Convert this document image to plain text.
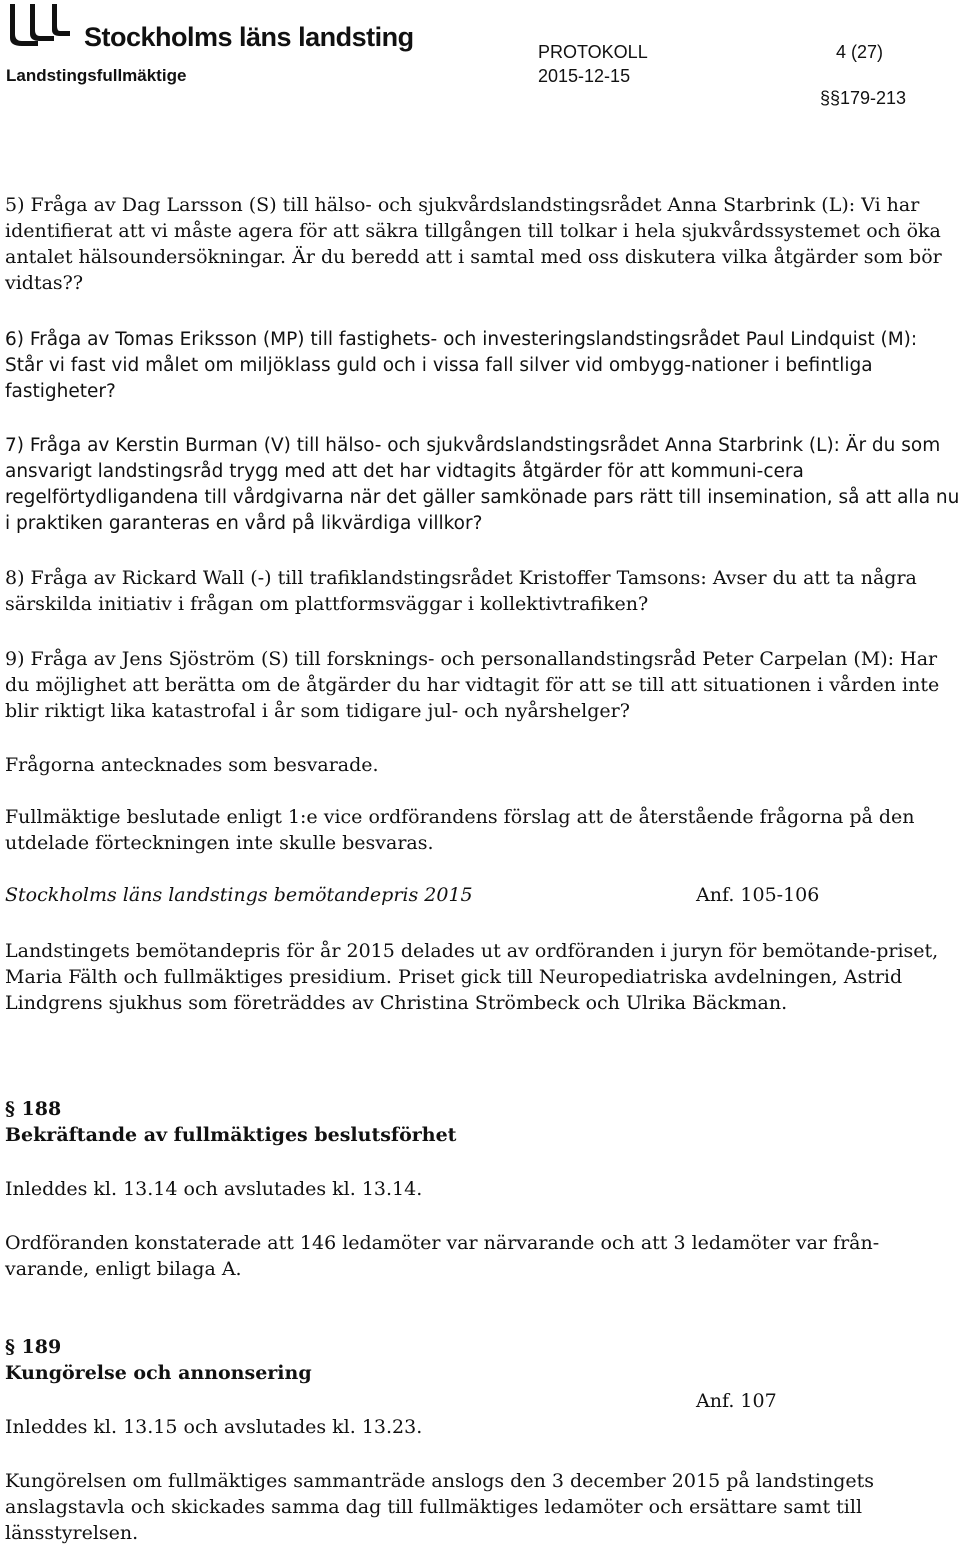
Stockholms läns landsting
Landstingsfullmäktige
PROTOKOLL	4 (27)
2015-12-15
§§ 179-213

5) Fråga av Dag Larsson (S) till hälso- och sjukvårdslandstingsrådet Anna Starbrink (L): Vi har identifierat att vi måste agera för att säkra tillgången till tolkar i hela sjukvårdssystemet och öka antalet hälsoundersökningar. Är du beredd att i samtal med oss diskutera vilka åtgärder som bör vidtas??

6) Fråga av Tomas Eriksson (MP) till fastighets- och investeringslandstingsrådet Paul Lindquist (M): Står vi fast vid målet om miljöklass guld och i vissa fall silver vid ombygg-nationer i befintliga fastigheter?

7) Fråga av Kerstin Burman (V) till hälso- och sjukvårdslandstingsrådet Anna Starbrink (L): Är du som ansvarigt landstingsråd trygg med att det har vidtagits åtgärder för att kommuni-cera regelförtydligandena till vårdgivarna när det gäller samkönade pars rätt till insemination, så att alla nu i praktiken garanteras en vård på likvärdiga villkor?

8) Fråga av Rickard Wall (-) till trafiklandstingsrådet Kristoffer Tamsons: Avser du att ta några särskilda initiativ i frågan om plattformsväggar i kollektivtrafiken?

9) Fråga av Jens Sjöström (S) till forsknings- och personallandstingsråd Peter Carpelan (M): Har du möjlighet att berätta om de åtgärder du har vidtagit för att se till att situationen i vården inte blir riktigt lika katastrofal i år som tidigare jul- och nyårshelger?

Frågorna antecknades som besvarade.

Fullmäktige beslutade enligt 1:e vice ordförandens förslag att de återstående frågorna på den utdelade förteckningen inte skulle besvaras.

Stockholms läns landstings bemötandepris 2015	Anf. 105-106

Landstingets bemötandepris för år 2015 delades ut av ordföranden i juryn för bemötande-priset, Maria Fälth och fullmäktiges presidium. Priset gick till Neuropediatriska avdelningen, Astrid Lindgrens sjukhus som företräddes av Christina Strömbeck och Ulrika Bäckman.

§ 188
Bekräftande av fullmäktiges beslutsförhet
Inleddes kl. 13.14 och avslutades kl. 13.14.

Ordföranden konstaterade att 146 ledamöter var närvarande och att 3 ledamöter var från-varande, enligt bilaga A.

§ 189
Kungörelse och annonsering
Anf. 107
Inleddes kl. 13.15 och avslutades kl. 13.23.

Kungörelsen om fullmäktiges sammanträde anslogs den 3 december 2015 på landstingets anslagstavla och skickades samma dag till fullmäktiges ledamöter och ersättare samt till länsstyrelsen.
